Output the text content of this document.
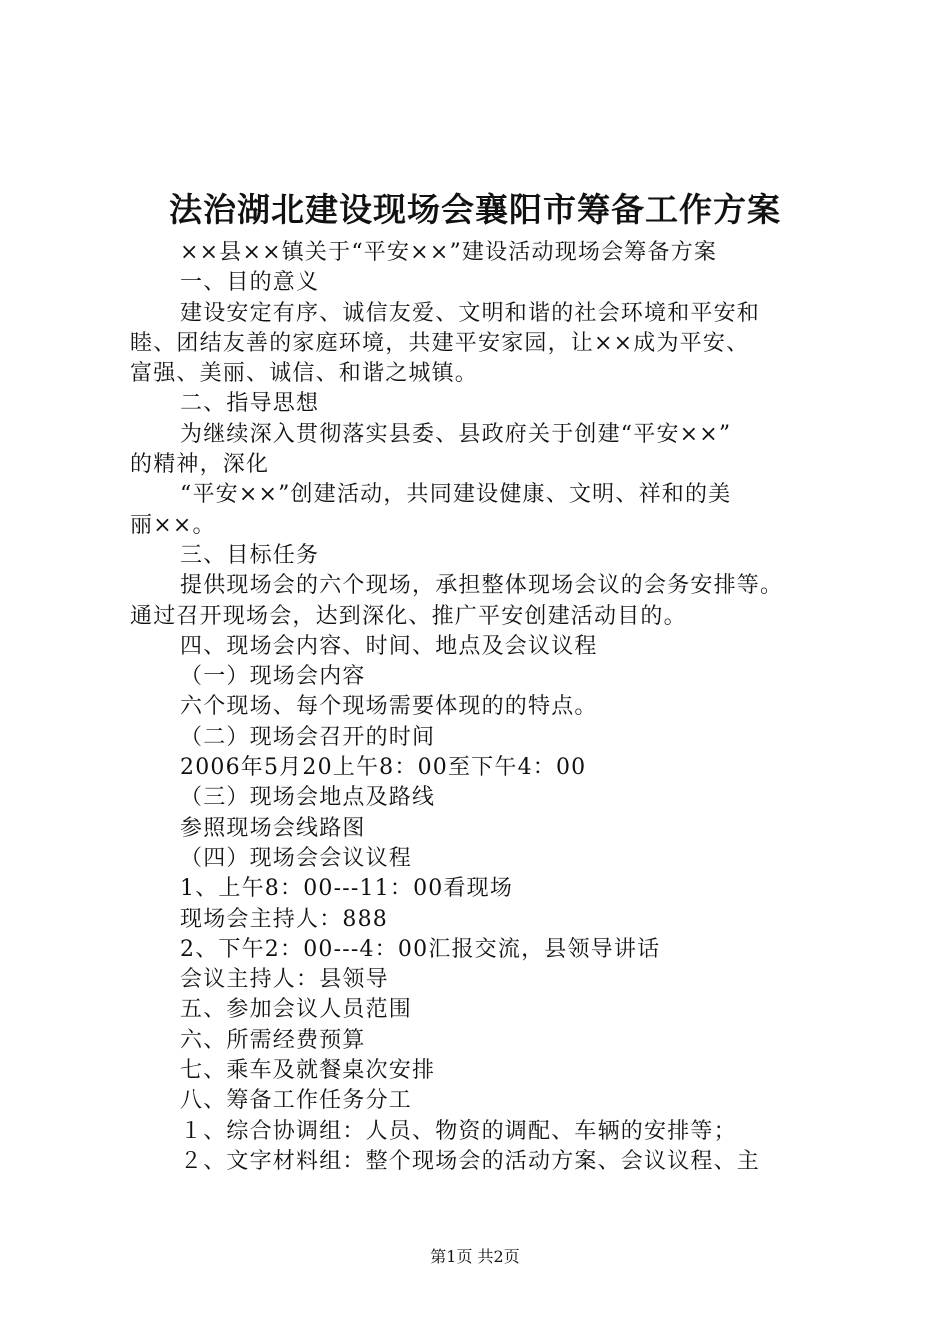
法治湖北建设现场会襄阳市筹备工作方案
××县××镇关于“平安××”建设活动现场会筹备方案
一、目的意义
建设安定有序、诚信友爱、文明和谐的社会环境和平安和
睦、团结友善的家庭环境，共建平安家园，让××成为平安、
富强、美丽、诚信、和谐之城镇。
二、指导思想
为继续深入贯彻落实县委、县政府关于创建“平安××”
的精神，深化
“平安××”创建活动，共同建设健康、文明、祥和的美
丽××。
三、目标任务
提供现场会的六个现场，承担整体现场会议的会务安排等。
通过召开现场会，达到深化、推广平安创建活动目的。
四、现场会内容、时间、地点及会议议程
（一）现场会内容
六个现场、每个现场需要体现的的特点。
（二）现场会召开的时间
2006年5月20上午8：00至下午4：00
（三）现场会地点及路线
参照现场会线路图
（四）现场会会议议程
1、上午8：00---11：00看现场
现场会主持人：888
2、下午2：00---4：00汇报交流，县领导讲话
会议主持人：县领导
五、参加会议人员范围
六、所需经费预算
七、乘车及就餐桌次安排
八、筹备工作任务分工
１、综合协调组：人员、物资的调配、车辆的安排等；
２、文字材料组：整个现场会的活动方案、会议议程、主
第1页 共2页
